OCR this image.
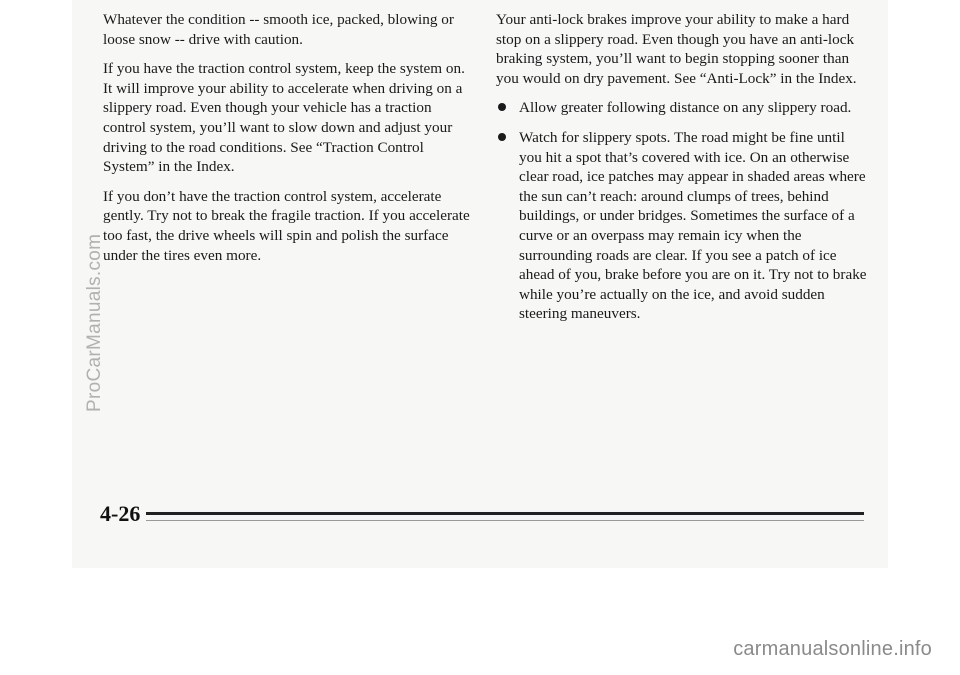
Whatever the condition -- smooth ice, packed, blowing or loose snow -- drive with caution.

If you have the traction control system, keep the system on. It will improve your ability to accelerate when driving on a slippery road. Even though your vehicle has a traction control system, you’ll want to slow down and adjust your driving to the road conditions. See “Traction Control System” in the Index.

If you don’t have the traction control system, accelerate gently. Try not to break the fragile traction. If you accelerate too fast, the drive wheels will spin and polish the surface under the tires even more.

Your anti-lock brakes improve your ability to make a hard stop on a slippery road. Even though you have an anti-lock braking system, you’ll want to begin stopping sooner than you would on dry pavement. See “Anti-Lock” in the Index.

Allow greater following distance on any slippery road.
Watch for slippery spots. The road might be fine until you hit a spot that’s covered with ice. On an otherwise clear road, ice patches may appear in shaded areas where the sun can’t reach: around clumps of trees, behind buildings, or under bridges. Sometimes the surface of a curve or an overpass may remain icy when the surrounding roads are clear. If you see a patch of ice ahead of you, brake before you are on it. Try not to brake while you’re actually on the ice, and avoid sudden steering maneuvers.
4-26
ProCarManuals.com
carmanualsonline.info
